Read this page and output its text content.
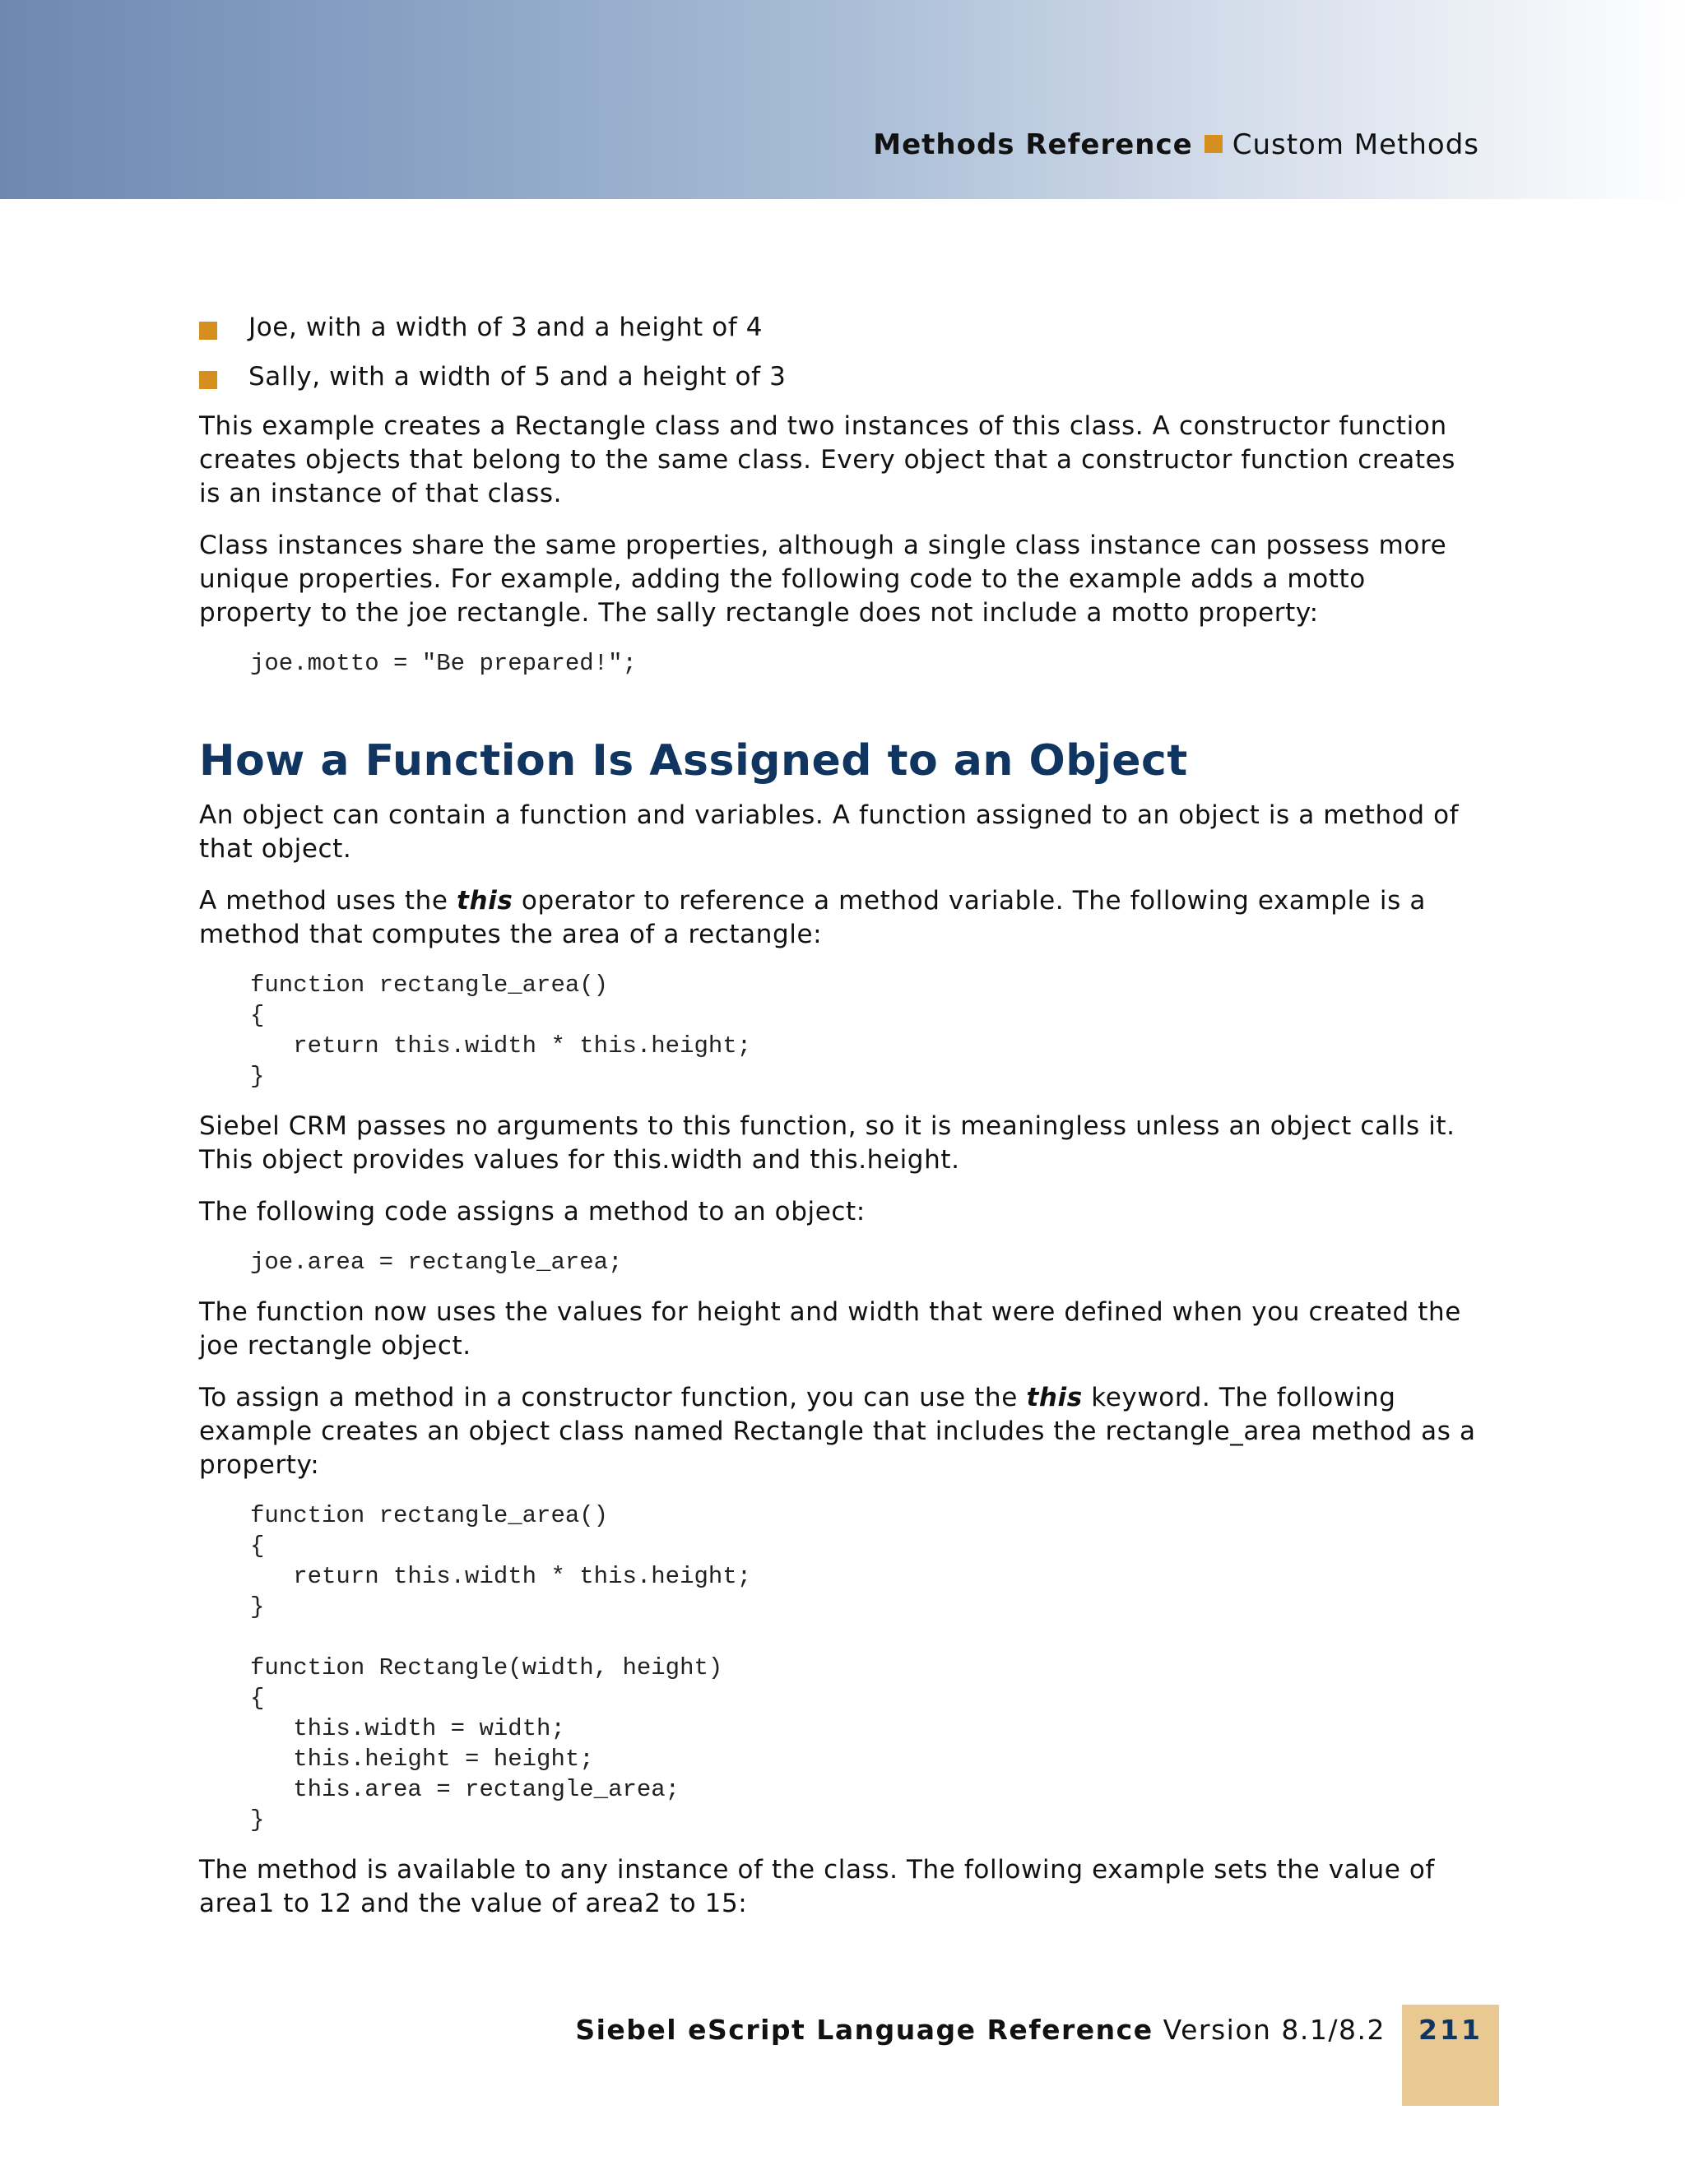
Methods Reference Custom Methods
Joe, with a width of 3 and a height of 4
Sally, with a width of 5 and a height of 3

This example creates a Rectangle class and two instances of this class. A constructor function creates objects that belong to the same class. Every object that a constructor function creates is an instance of that class.

Class instances share the same properties, although a single class instance can possess more unique properties. For example, adding the following code to the example adds a motto property to the joe rectangle. The sally rectangle does not include a motto property:

joe.motto = "Be prepared!";
How a Function Is Assigned to an Object

An object can contain a function and variables. A function assigned to an object is a method of that object.

A method uses the this operator to reference a method variable. The following example is a method that computes the area of a rectangle:

function rectangle_area()
{
return this.width * this.height;
}

Siebel CRM passes no arguments to this function, so it is meaningless unless an object calls it. This object provides values for this.width and this.height.

The following code assigns a method to an object:

joe.area = rectangle_area;

The function now uses the values for height and width that were defined when you created the joe rectangle object.

To assign a method in a constructor function, you can use the this keyword. The following example creates an object class named Rectangle that includes the rectangle_area method as a property:

function rectangle_area()
{
return this.width * this.height;
}

function Rectangle(width, height)
{
this.width = width;
this.height = height;
this.area = rectangle_area;
}

The method is available to any instance of the class. The following example sets the value of area1 to 12 and the value of area2 to 15:

Siebel eScript Language Reference Version 8.1/8.2	211
